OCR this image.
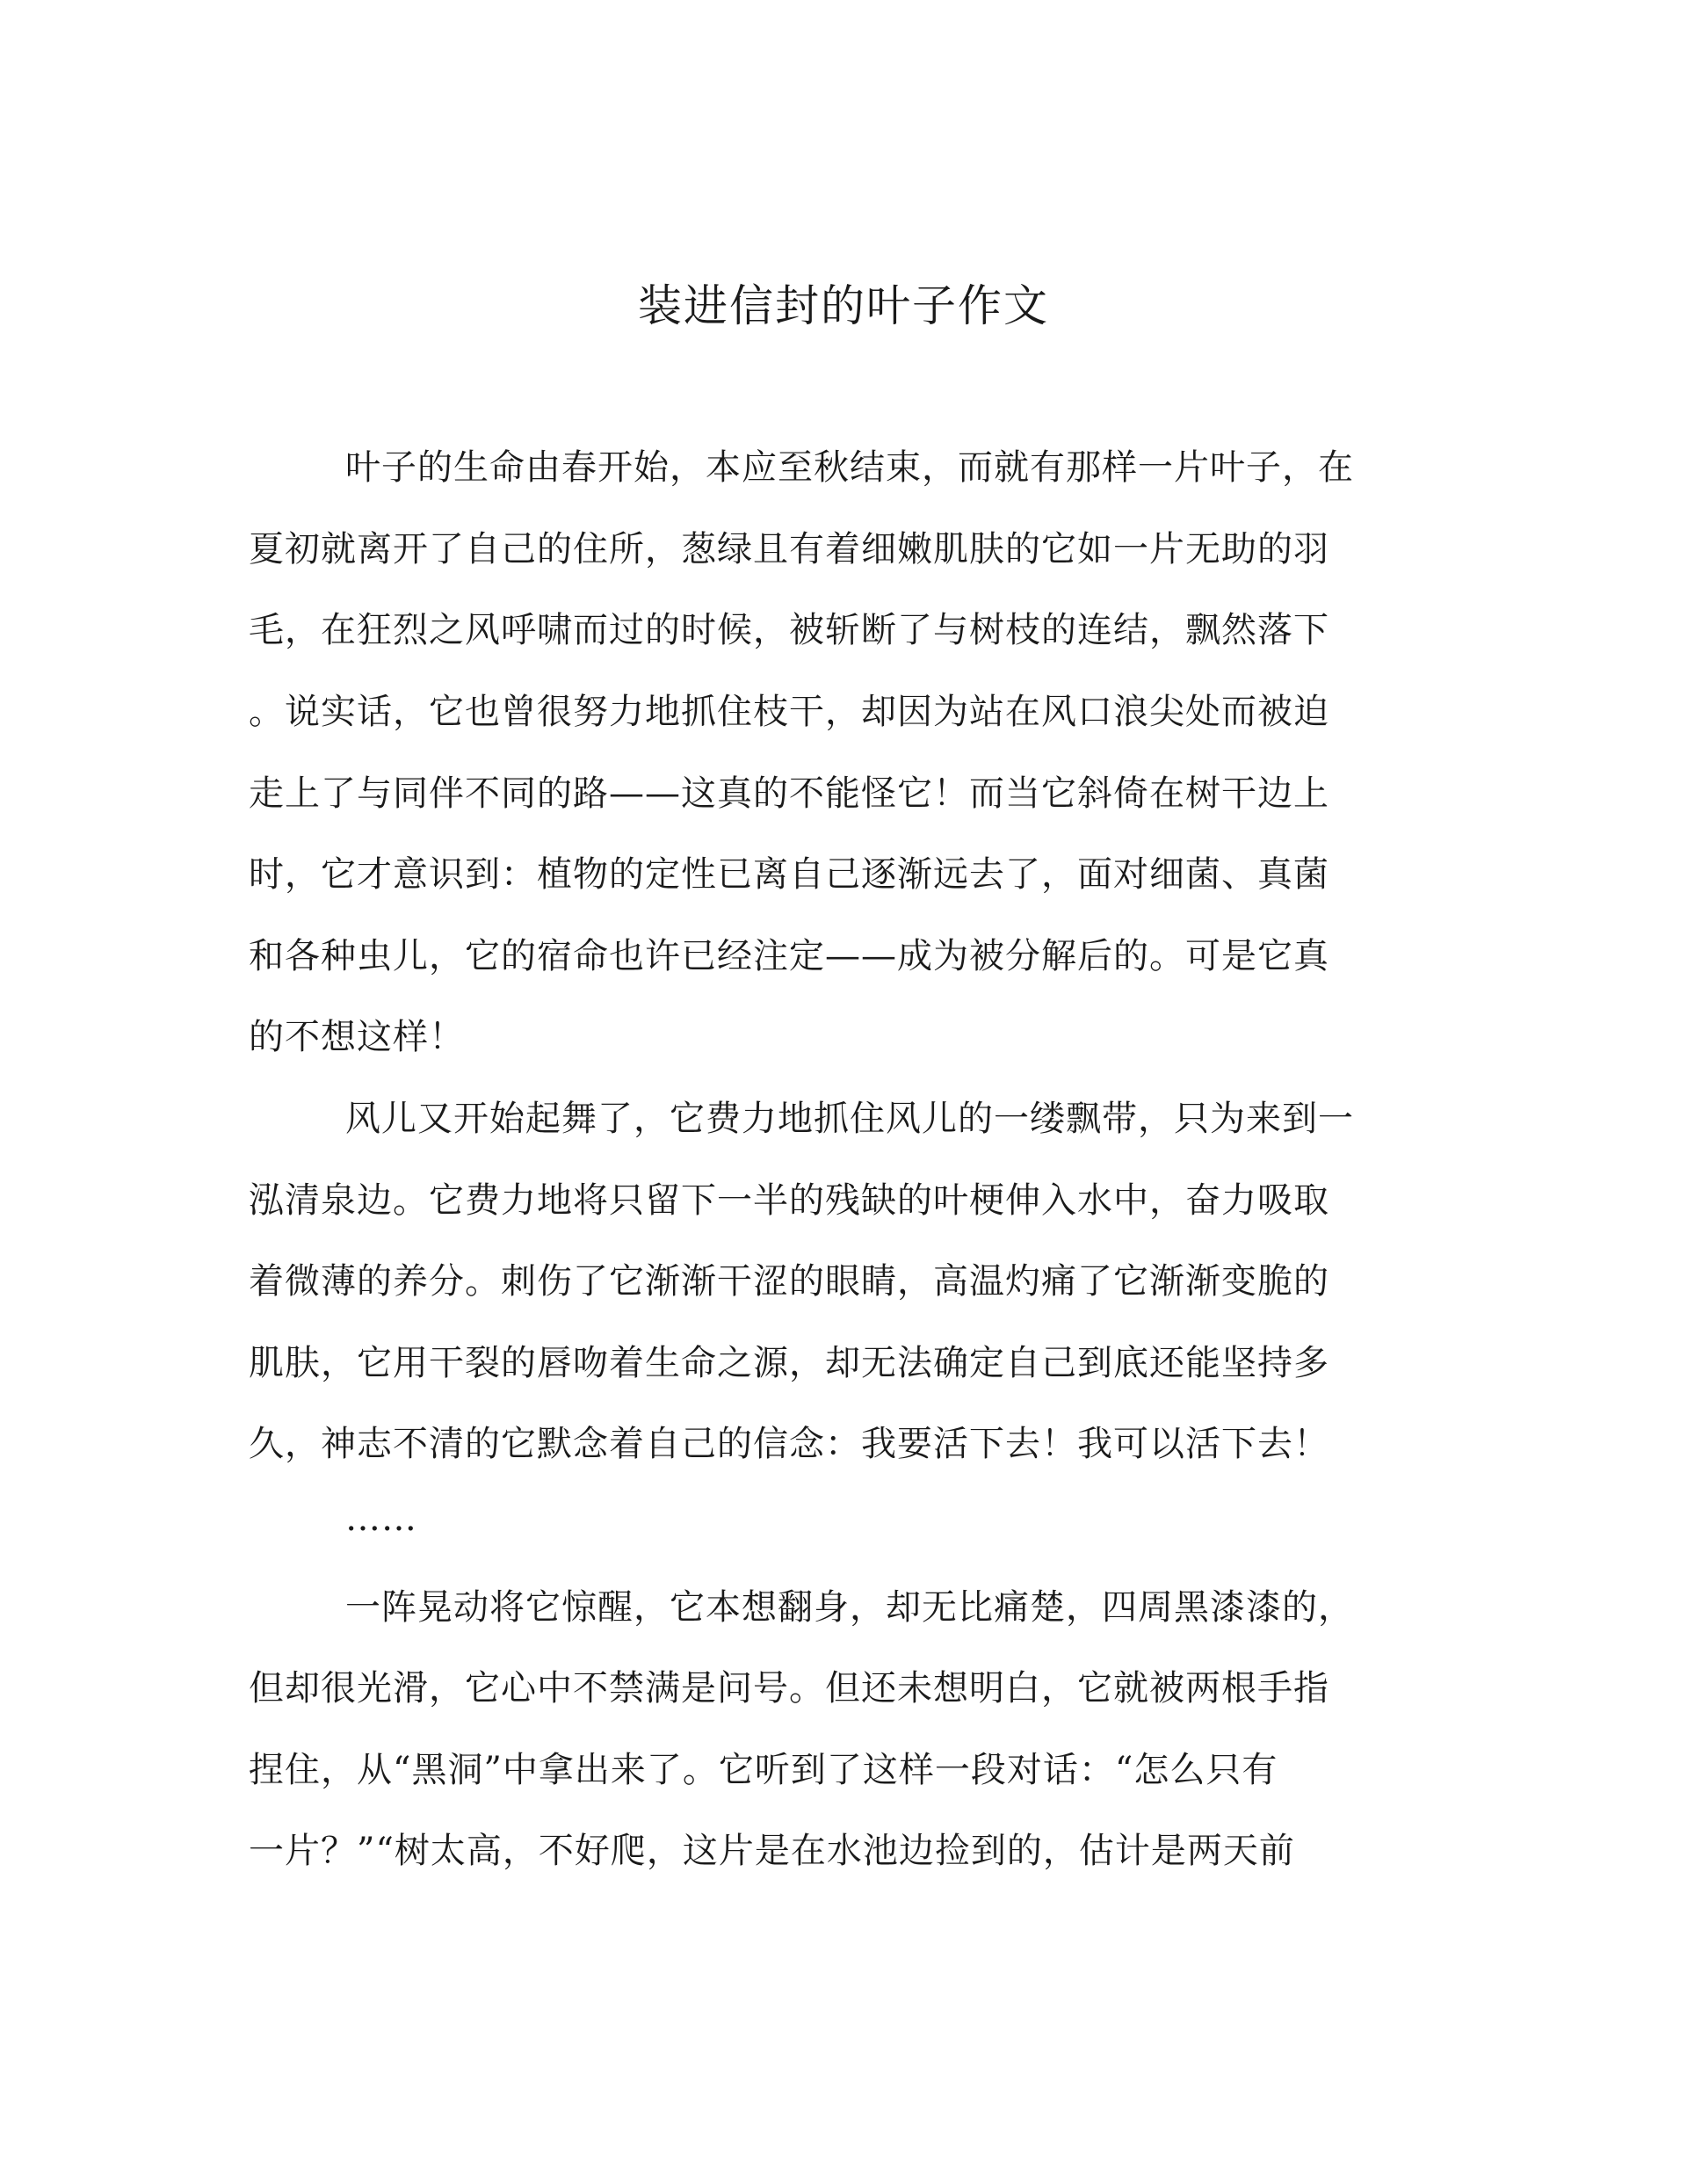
装进信封的叶子作文

叶子的生命由春开始，本应至秋结束，而就有那样一片叶子，在

夏初就离开了自己的住所，葱绿且有着细嫩肌肤的它如一片无助的羽

毛，在狂烈之风呼啸而过的时候，被斩断了与树枝的连结，飘然落下

。说实话，它也曾很努力地抓住枝干，却因为站在风口浪尖处而被迫

走上了与同伴不同的路——这真的不能怪它！而当它斜倚在树干边上

时，它才意识到：植物的定性已离自己逐渐远去了，面对细菌、真菌

和各种虫儿，它的宿命也许已经注定——成为被分解后的。可是它真

的不想这样！

风儿又开始起舞了，它费力地抓住风儿的一缕飘带，只为来到一

泓清泉边。它费力地将只留下一半的残缺的叶梗伸入水中，奋力吸取

着微薄的养分。刺伤了它渐渐干涩的眼睛，高温灼痛了它渐渐变脆的

肌肤，它用干裂的唇吻着生命之源，却无法确定自己到底还能坚持多

久，神志不清的它默念着自己的信念：我要活下去！我可以活下去！

……

一阵晃动将它惊醒，它本想翻身，却无比痛楚，四周黑漆漆的，

但却很光滑，它心中不禁满是问号。但还未想明白，它就被两根手指

捏住，从“黑洞”中拿出来了。它听到了这样一段对话：“怎么只有

一片？”“树太高，不好爬，这片是在水池边捡到的，估计是两天前
